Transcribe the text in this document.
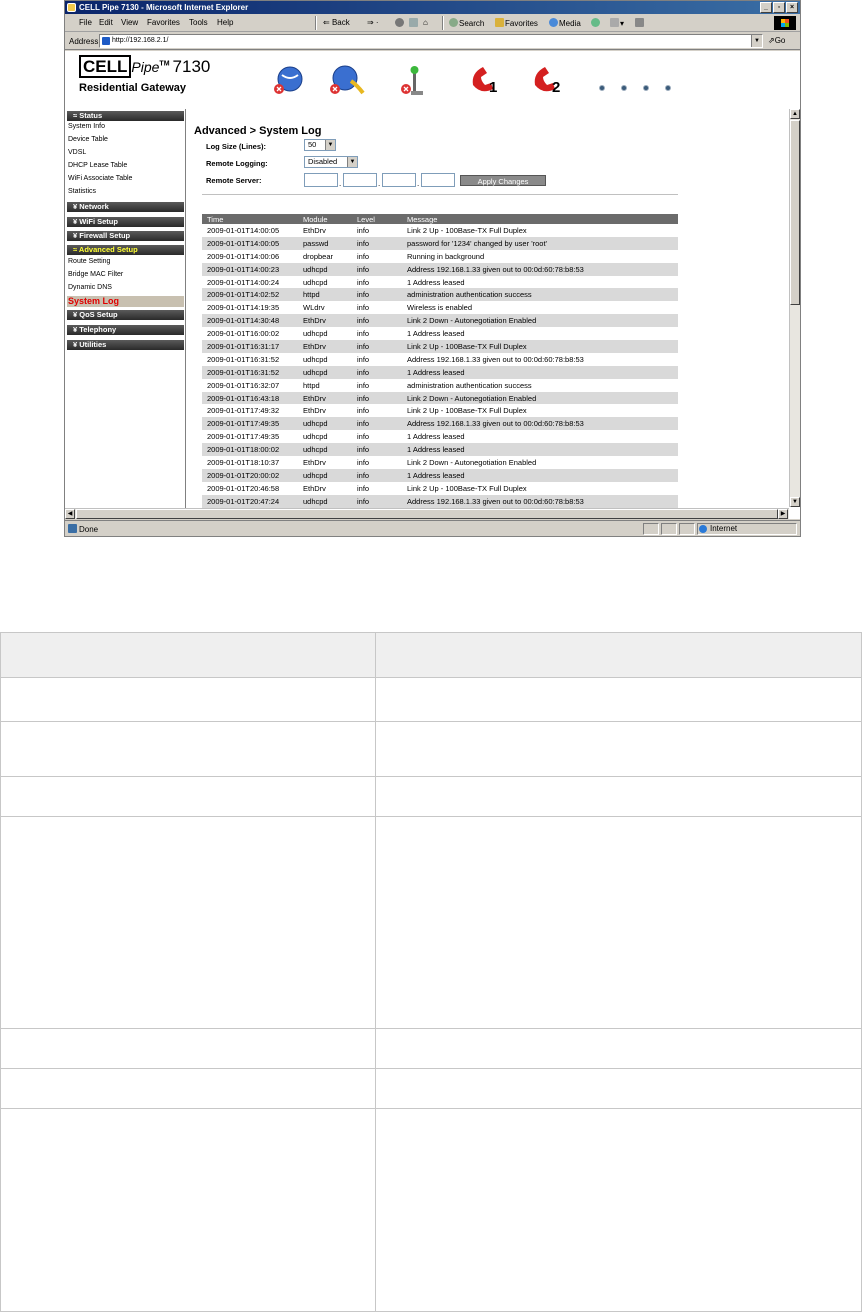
CELL Pipe 7130 - Microsoft Internet Explorer	_	▫	×
File Edit View Favorites Tools Help	⇐ Back ⇒ ·	⌂	Search	Favorites	Media	▾
Address	http://192.168.2.1/	▼ ⇗Go
CELL Pipe™ 7130
Residential Gateway	1	2
≈ Status
System Info
Device Table
VDSL
DHCP Lease Table
WiFi Associate Table
Statistics
¥ Network
¥ WiFi Setup
¥ Firewall Setup
≈ Advanced Setup
Route Setting
Bridge MAC Filter
Dynamic DNS
System Log
¥ QoS Setup
¥ Telephony
¥ Utilities
Advanced > System Log
Log Size (Lines):	50	▼
Remote Logging:	Disabled	▼
Remote Server:	.	.	.	Apply Changes
Time	Module	Level	Message
2009-01-01T14:00:05	EthDrv	info	Link 2 Up - 100Base-TX Full Duplex
2009-01-01T14:00:05	passwd	info	password for '1234' changed by user 'root'
2009-01-01T14:00:06	dropbear	info	Running in background
2009-01-01T14:00:23	udhcpd	info	Address 192.168.1.33 given out to 00:0d:60:78:b8:53
2009-01-01T14:00:24	udhcpd	info	1 Address leased
2009-01-01T14:02:52	httpd	info	administration authentication success
2009-01-01T14:19:35	WLdrv	info	Wireless is enabled
2009-01-01T14:30:48	EthDrv	info	Link 2 Down - Autonegotiation Enabled
2009-01-01T16:00:02	udhcpd	info	1 Address leased
2009-01-01T16:31:17	EthDrv	info	Link 2 Up - 100Base-TX Full Duplex
2009-01-01T16:31:52	udhcpd	info	Address 192.168.1.33 given out to 00:0d:60:78:b8:53
2009-01-01T16:31:52	udhcpd	info	1 Address leased
2009-01-01T16:32:07	httpd	info	administration authentication success
2009-01-01T16:43:18	EthDrv	info	Link 2 Down - Autonegotiation Enabled
2009-01-01T17:49:32	EthDrv	info	Link 2 Up - 100Base-TX Full Duplex
2009-01-01T17:49:35	udhcpd	info	Address 192.168.1.33 given out to 00:0d:60:78:b8:53
2009-01-01T17:49:35	udhcpd	info	1 Address leased
2009-01-01T18:00:02	udhcpd	info	1 Address leased
2009-01-01T18:10:37	EthDrv	info	Link 2 Down - Autonegotiation Enabled
2009-01-01T20:00:02	udhcpd	info	1 Address leased
2009-01-01T20:46:58	EthDrv	info	Link 2 Up - 100Base-TX Full Duplex
2009-01-01T20:47:24	udhcpd	info	Address 192.168.1.33 given out to 00:0d:60:78:b8:53
▲
▼
◀	▶
Done	Internet
